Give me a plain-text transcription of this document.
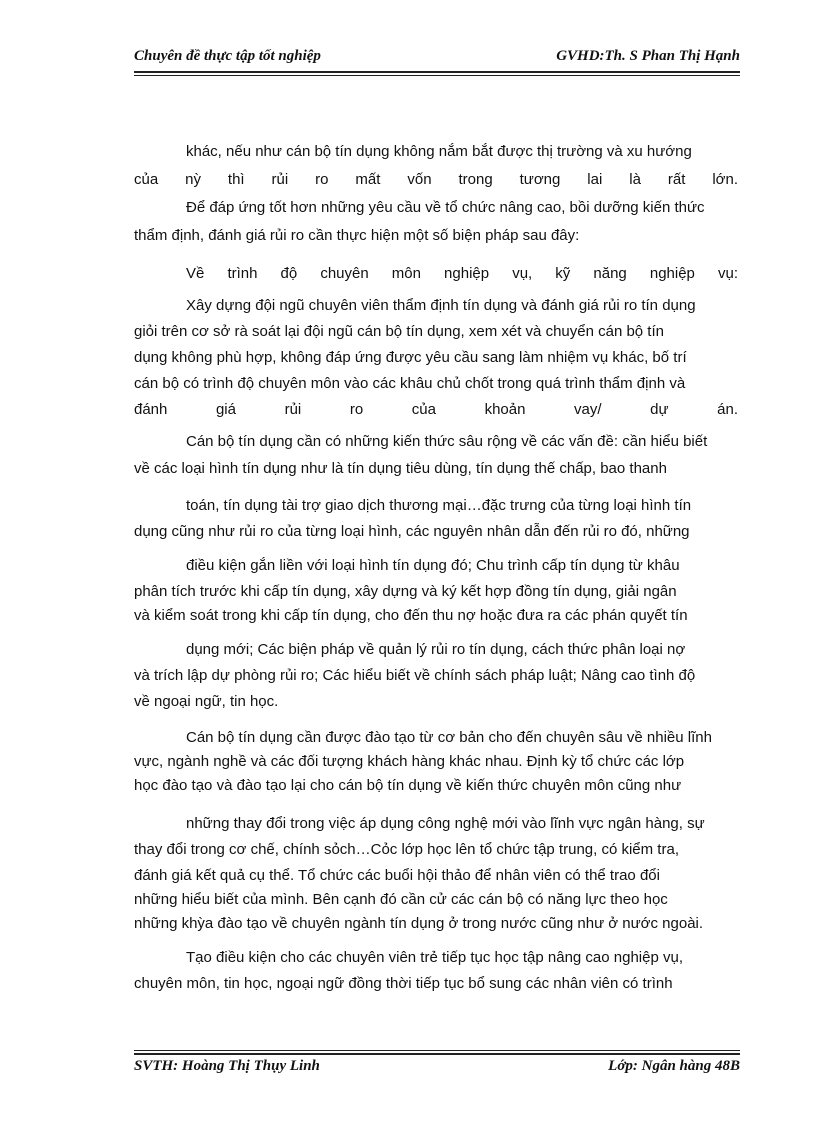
Chuyên đề thực tập tốt nghiệp	GVHD:Th. S Phan Thị Hạnh
khác, nếu như cán bộ tín dụng không nắm bắt được thị trường và xu hướng
của nỳ thì rủi ro mất vốn trong tương lai là rất lớn.
Để đáp ứng tốt hơn những yêu cầu về tổ chức nâng cao, bồi dưỡng kiến thức
thẩm định, đánh giá rủi ro cần thực hiện một số biện pháp sau đây:
Về trình độ chuyên môn nghiệp vụ, kỹ năng nghiệp vụ:
Xây dựng đội ngũ chuyên viên thẩm định tín dụng và đánh giá rủi ro tín dụng
giỏi trên cơ sở rà soát lại đội ngũ cán bộ tín dụng, xem xét và chuyển cán bộ tín
dụng không phù hợp, không đáp ứng được yêu cầu sang làm nhiệm vụ khác, bố trí
cán bộ có trình độ chuyên môn vào các khâu chủ chốt trong quá trình thẩm định và
đánh giá rủi ro của khoản vay/ dự án.
Cán bộ tín dụng cần có những kiến thức sâu rộng về các vấn đề: cần hiểu biết
về các loại hình tín dụng như là tín dụng tiêu dùng, tín dụng thế chấp, bao thanh
toán, tín dụng tài trợ giao dịch thương mại…đặc trưng của từng loại hình tín
dụng cũng như rủi ro của từng loại hình, các nguyên nhân dẫn đến rủi ro đó, những
điều kiện gắn liền với loại hình tín dụng đó; Chu trình cấp tín dụng từ khâu
phân tích trước khi cấp tín dụng, xây dựng và ký kết hợp đồng tín dụng, giải ngân
và kiểm soát trong khi cấp tín dụng, cho đến thu nợ hoặc đưa ra các phán quyết tín
dụng mới; Các biện pháp về quản lý rủi ro tín dụng, cách thức phân loại nợ
và trích lập dự phòng rủi ro; Các hiểu biết về chính sách pháp luật; Nâng cao tình độ
về ngoại ngữ, tin học.
Cán bộ tín dụng cần được đào tạo từ cơ bản cho đến chuyên sâu về nhiều lĩnh
vực, ngành nghề và các đối tượng khách hàng khác nhau. Định kỳ tổ chức các lớp
học đào tạo và đào tạo lại cho cán bộ tín dụng về kiến thức chuyên môn cũng như
những thay đổi trong việc áp dụng công nghệ mới vào lĩnh vực ngân hàng, sự
thay đổi trong cơ chế, chính sỏch…Cỏc lớp học lên tổ chức tập trung, có kiểm tra,
đánh giá kết quả cụ thể. Tổ chức các buổi hội thảo để nhân viên có thể trao đổi
những hiểu biết của mình. Bên cạnh đó cần cử các cán bộ có năng lực theo học
những khỳa đào tạo về chuyên ngành tín dụng ở trong nước cũng như ở nước ngoài.
Tạo điều kiện cho các chuyên viên trẻ tiếp tục học tập nâng cao nghiệp vụ,
chuyên môn, tin học, ngoại ngữ đồng thời tiếp tục bổ sung các nhân viên có trình
SVTH: Hoàng Thị Thụy Linh	Lớp: Ngân hàng 48B
